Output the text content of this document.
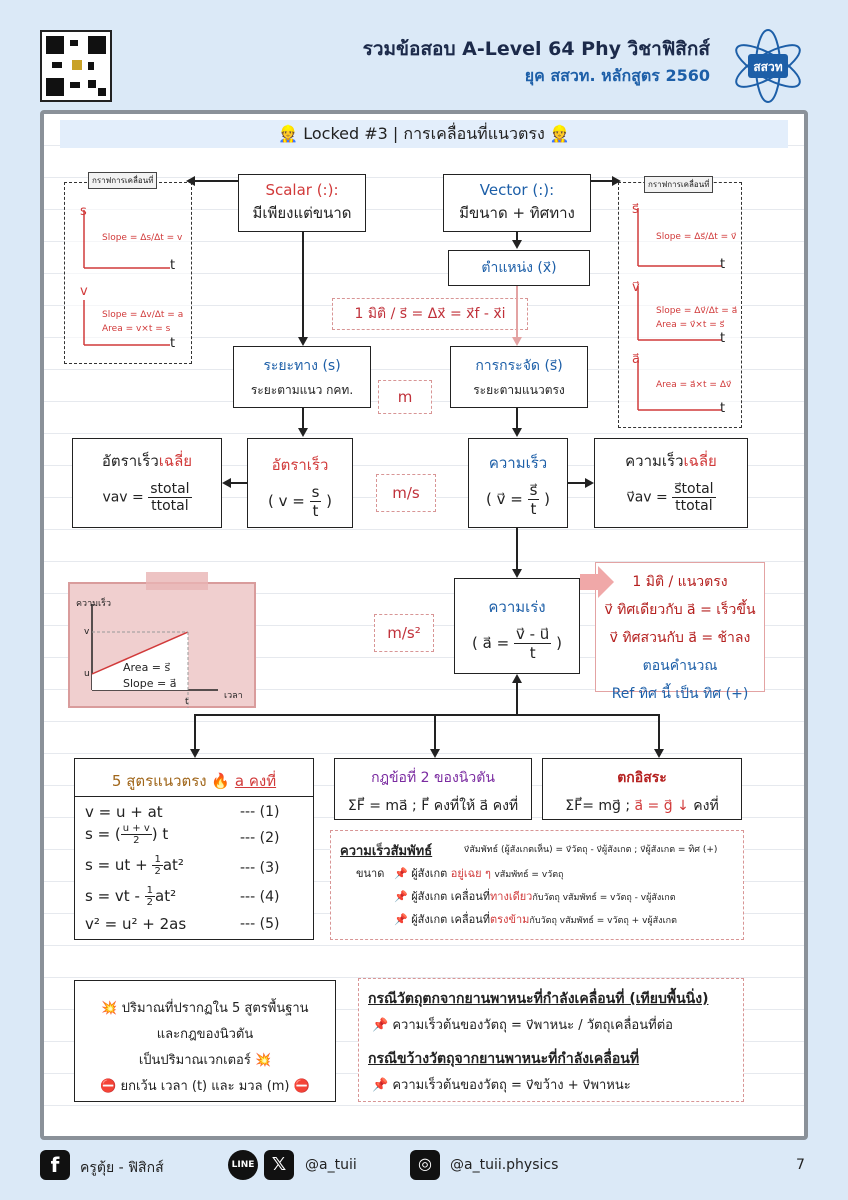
รวมข้อสอบ A-Level 64 Phy วิชาฟิสิกส์
ยุค สสวท. หลักสูตร 2560	สสวท
👷 Locked #3 | การเคลื่อนที่แนวตรง 👷
กราฟการเคลื่อนที่
s
t
Slope = Δs/Δt = v
v
t
Slope = Δv/Δt = a
Area = v×t = s
กราฟการเคลื่อนที่
s⃗
t
Slope = Δs⃗/Δt = v⃗
v⃗
t
Slope = Δv⃗/Δt = a⃗
Area = v⃗×t = s⃗
a⃗
t
Area = a⃗×t = Δv⃗
Scalar (:):
มีเพียงแต่ขนาด
Vector (:):
มีขนาด + ทิศทาง
ตำแหน่ง (x⃗)
1 มิติ / s⃗ = Δx⃗ = x⃗f - x⃗i
ระยะทาง (s)
ระยะตามแนว กคท.
การกระจัด (s⃗)
ระยะตามแนวตรง
m
อัตราเร็วเฉลี่ย
vav = $\frac{\text{stotal}}{\text{ttotal}}$
อัตราเร็ว
( $v = \frac{s}{t}$ )	m/s
ความเร็ว
( v⃗ = $\frac{s⃗}{t}$ )
ความเร็วเฉลี่ย
v⃗av = $\frac{\text{s⃗total}}{\text{ttotal}}$
ความเร็ว
v
u	Area = s⃗
Slope = a⃗
เวลา
t
m/s²
ความเร่ง
( a⃗ = $\frac{v⃗ - u⃗}{t}$ )
1 มิติ / แนวตรง
v⃗ ทิศเดียวกับ a⃗ = เร็วขึ้น
v⃗ ทิศสวนกับ a⃗ = ช้าลง
ตอนคำนวณ
Ref ทิศ นี้ เป็น ทิศ (+)
5 สูตรแนวตรง 🔥 a คงที่
v = u + at	--- (1)
s = ( $\frac{u + v}{2}$ ) t	--- (2)
s = ut + $\frac{1}{2} at^2$	--- (3)
s = vt - $\frac{1}{2} at^2$	--- (4)
v² = u² + 2as	--- (5)
กฎข้อที่ 2 ของนิวตัน
ΣF⃗ = ma⃗ ; F⃗ คงที่ให้ a⃗ คงที่
ตกอิสระ
ΣF⃗= mg⃗ ; a⃗ = g⃗ ↓ คงที่
ความเร็วสัมพัทธ์	v⃗สัมพัทธ์ (ผู้สังเกตเห็น) = v⃗วัตถุ - v⃗ผู้สังเกต ; v⃗ผู้สังเกต = ทิศ (+)
ขนาด 📌 ผู้สังเกต อยู่เฉย ๆ vสัมพัทธ์ = vวัตถุ
📌 ผู้สังเกต เคลื่อนที่ทางเดียวกับวัตถุ vสัมพัทธ์ = vวัตถุ - vผู้สังเกต
📌 ผู้สังเกต เคลื่อนที่ตรงข้ามกับวัตถุ vสัมพัทธ์ = vวัตถุ + vผู้สังเกต
💥 ปริมาณที่ปรากฏใน 5 สูตรพื้นฐาน
และกฎของนิวตัน
เป็นปริมาณเวกเตอร์ 💥
⛔ ยกเว้น เวลา (t) และ มวล (m) ⛔
กรณีวัตถุตกจากยานพาหนะที่กำลังเคลื่อนที่ (เทียบพื้นนิ่ง)
📌 ความเร็วต้นของวัตถุ = v⃗พาหนะ / วัตถุเคลื่อนที่ต่อ
กรณีขว้างวัตถุจากยานพาหนะที่กำลังเคลื่อนที่
📌 ความเร็วต้นของวัตถุ = v⃗ขว้าง + v⃗พาหนะ
f	ครูตุ้ย - ฟิสิกส์	LINE 𝕏	@a_tuii	◎	@a_tuii.physics	7
